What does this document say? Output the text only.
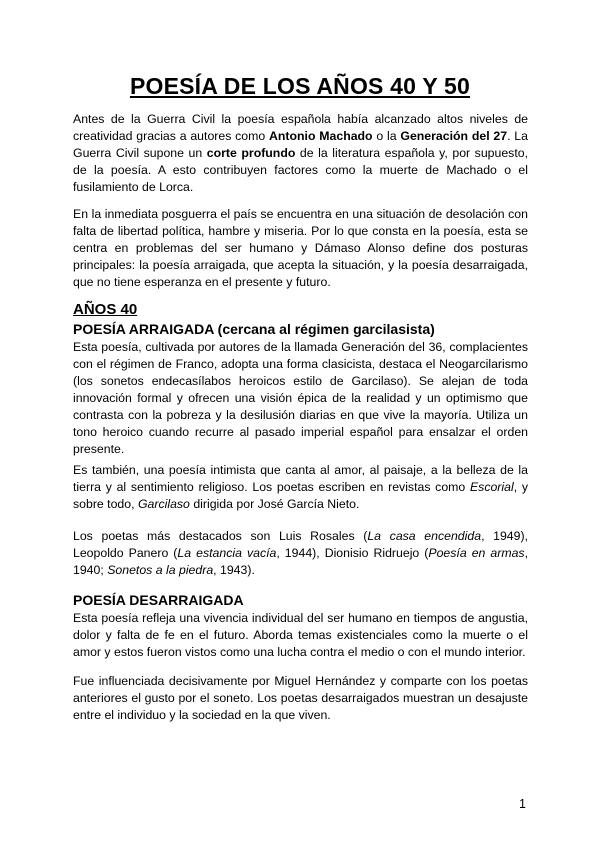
POESÍA DE LOS AÑOS 40 Y 50
Antes de la Guerra Civil la poesía española había alcanzado altos niveles de creatividad gracias a autores como Antonio Machado o la Generación del 27. La Guerra Civil supone un corte profundo de la literatura española y, por supuesto, de la poesía. A esto contribuyen factores como la muerte de Machado o el fusilamiento de Lorca.
En la inmediata posguerra el país se encuentra en una situación de desolación con falta de libertad política, hambre y miseria. Por lo que consta en la poesía, esta se centra en problemas del ser humano y Dámaso Alonso define dos posturas principales: la poesía arraigada, que acepta la situación, y la poesía desarraigada, que no tiene esperanza en el presente y futuro.
AÑOS 40
POESÍA ARRAIGADA (cercana al régimen garcilasista)
Esta poesía, cultivada por autores de la llamada Generación del 36, complacientes con el régimen de Franco, adopta una forma clasicista, destaca el Neogarcilarismo (los sonetos endecasílabos heroicos estilo de Garcilaso). Se alejan de toda innovación formal y ofrecen una visión épica de la realidad y un optimismo que contrasta con la pobreza y la desilusión diarias en que vive la mayoría. Utiliza un tono heroico cuando recurre al pasado imperial español para ensalzar el orden presente.
Es también, una poesía intimista que canta al amor, al paisaje, a la belleza de la tierra y al sentimiento religioso. Los poetas escriben en revistas como Escorial, y sobre todo, Garcilaso dirigida por José García Nieto.
Los poetas más destacados son Luis Rosales (La casa encendida, 1949), Leopoldo Panero (La estancia vacía, 1944), Dionisio Ridruejo (Poesía en armas, 1940; Sonetos a la piedra, 1943).
POESÍA DESARRAIGADA
Esta poesía refleja una vivencia individual del ser humano en tiempos de angustia, dolor y falta de fe en el futuro. Aborda temas existenciales como la muerte o el amor y estos fueron vistos como una lucha contra el medio o con el mundo interior.
Fue influenciada decisivamente por Miguel Hernández y comparte con los poetas anteriores el gusto por el soneto. Los poetas desarraigados muestran un desajuste entre el individuo y la sociedad en la que viven.
1
